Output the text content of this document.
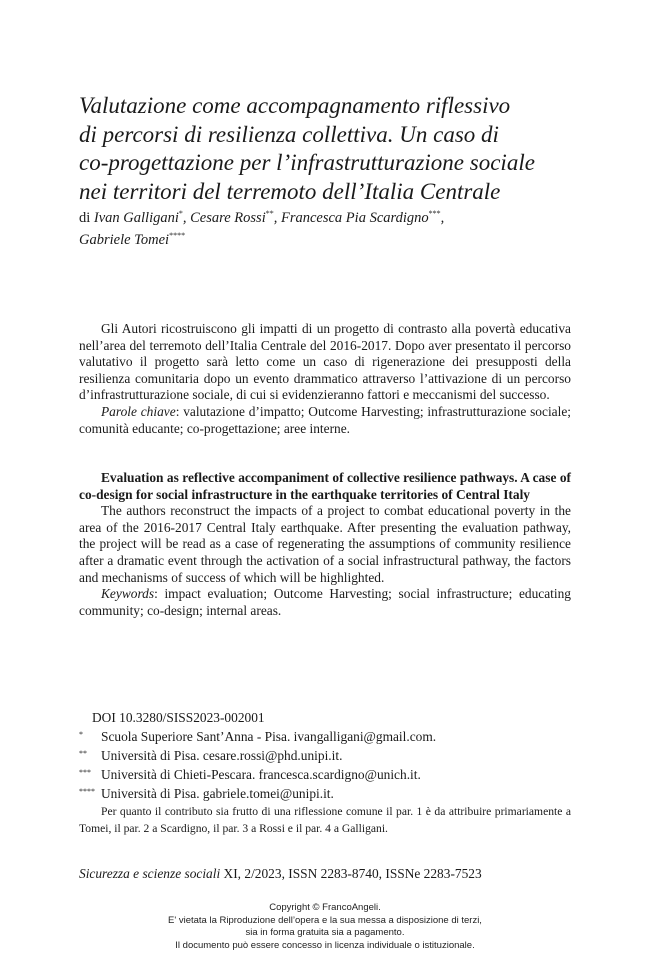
Valutazione come accompagnamento riflessivo
di percorsi di resilienza collettiva. Un caso di
co-progettazione per l’infrastrutturazione sociale
nei territori del terremoto dell’Italia Centrale
di Ivan Galligani*, Cesare Rossi**, Francesca Pia Scardigno***,
Gabriele Tomei****

Gli Autori ricostruiscono gli impatti di un progetto di contrasto alla povertà educativa nell’area del terremoto dell’Italia Centrale del 2016-2017. Dopo aver presentato il percorso valutativo il progetto sarà letto come un caso di rigenerazione dei presupposti della resilienza comunitaria dopo un evento drammatico attraverso l’attivazione di un percorso d’infrastrutturazione sociale, di cui si evidenzieranno fattori e meccanismi del successo.

Parole chiave: valutazione d’impatto; Outcome Harvesting; infrastrutturazione sociale; comunità educante; co-progettazione; aree interne.

Evaluation as reflective accompaniment of collective resilience pathways. A case of co-design for social infrastructure in the earthquake territories of Central Italy

The authors reconstruct the impacts of a project to combat educational poverty in the area of the 2016-2017 Central Italy earthquake. After presenting the evaluation pathway, the project will be read as a case of regenerating the assumptions of community resilience after a dramatic event through the activation of a social infrastructural pathway, the factors and mechanisms of success of which will be highlighted.

Keywords: impact evaluation; Outcome Harvesting; social infrastructure; educating community; co-design; internal areas.

DOI 10.3280/SISS2023-002001
* Scuola Superiore Sant’Anna - Pisa. ivangalligani@gmail.com.
** Università di Pisa. cesare.rossi@phd.unipi.it.
*** Università di Chieti-Pescara. francesca.scardigno@unich.it.
**** Università di Pisa. gabriele.tomei@unipi.it.

Per quanto il contributo sia frutto di una riflessione comune il par. 1 è da attribuire primariamente a Tomei, il par. 2 a Scardigno, il par. 3 a Rossi e il par. 4 a Galligani.

Sicurezza e scienze sociali XI, 2/2023, ISSN 2283-8740, ISSNe 2283-7523
Copyright © FrancoAngeli.
E' vietata la Riproduzione dell’opera e la sua messa a disposizione di terzi,
sia in forma gratuita sia a pagamento.
Il documento può essere concesso in licenza individuale o istituzionale.
